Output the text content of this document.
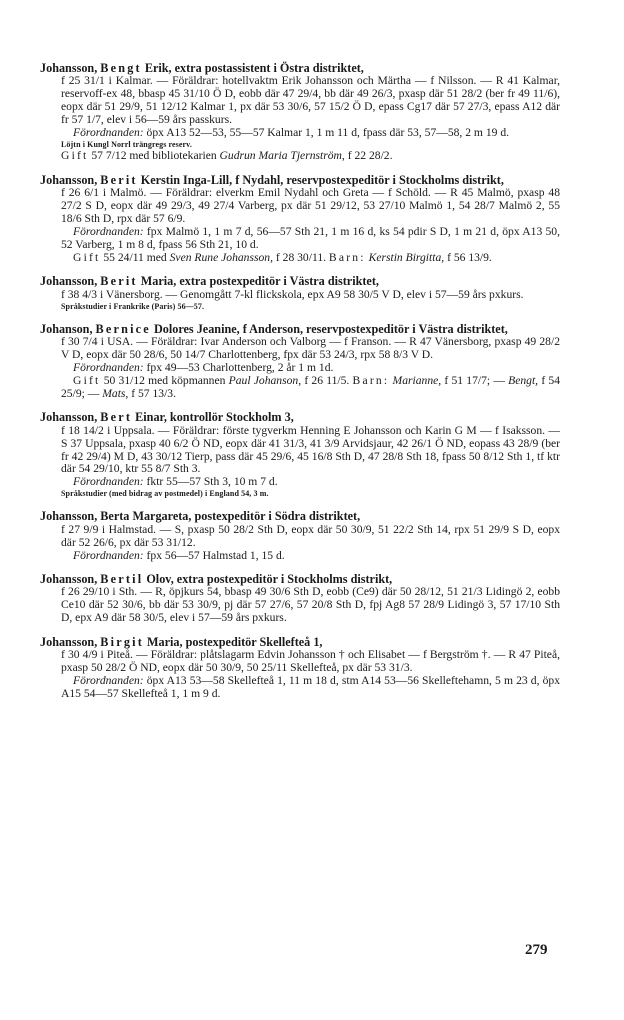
Johansson, Bengt Erik, extra postassistent i Östra distriktet,
f 25 31/1 i Kalmar. — Föräldrar: hotellvaktm Erik Johansson och Märtha — f Nilsson. — R 41 Kalmar, reservoff-ex 48, bbasp 45 31/10 Ö D, eobb där 47 29/4, bb där 49 26/3, pxasp där 51 28/2 (ber fr 49 11/6), eopx där 51 29/9, 51 12/12 Kalmar 1, px där 53 30/6, 57 15/2 Ö D, epass Cg17 där 57 27/3, epass A12 där fr 57 1/7, elev i 56—59 års passkurs.
Förordnanden: öpx A13 52—53, 55—57 Kalmar 1, 1 m 11 d, fpass där 53, 57—58, 2 m 19 d.
Löjtn i Kungl Norrl trängregs reserv.
Gift 57 7/12 med bibliotekarien Gudrun Maria Tjernström, f 22 28/2.
Johansson, Berit Kerstin Inga-Lill, f Nydahl, reservpostexpeditör i Stockholms distrikt,
f 26 6/1 i Malmö. — Föräldrar: elverkm Emil Nydahl och Greta — f Schöld. — R 45 Malmö, pxasp 48 27/2 S D, eopx där 49 29/3, 49 27/4 Varberg, px där 51 29/12, 53 27/10 Malmö 1, 54 28/7 Malmö 2, 55 18/6 Sth D, rpx där 57 6/9.
Förordnanden: fpx Malmö 1, 1 m 7 d, 56—57 Sth 21, 1 m 16 d, ks 54 pdir S D, 1 m 21 d, öpx A13 50, 52 Varberg, 1 m 8 d, fpass 56 Sth 21, 10 d.
Gift 55 24/11 med Sven Rune Johansson, f 28 30/11. Barn: Kerstin Birgitta, f 56 13/9.
Johansson, Berit Maria, extra postexpeditör i Västra distriktet,
f 38 4/3 i Vänersborg. — Genomgått 7-kl flickskola, epx A9 58 30/5 V D, elev i 57—59 års pxkurs.
Språkstudier i Frankrike (Paris) 56—57.
Johanson, Bernice Dolores Jeanine, f Anderson, reservpostexpeditör i Västra distriktet,
f 30 7/4 i USA. — Föräldrar: Ivar Anderson och Valborg — f Franson. — R 47 Vänersborg, pxasp 49 28/2 V D, eopx där 50 28/6, 50 14/7 Charlottenberg, fpx där 53 24/3, rpx 58 8/3 V D.
Förordnanden: fpx 49—53 Charlottenberg, 2 år 1 m 1d.
Gift 50 31/12 med köpmannen Paul Johanson, f 26 11/5. Barn: Marianne, f 51 17/7; — Bengt, f 54 25/9; — Mats, f 57 13/3.
Johansson, Bert Einar, kontrollör Stockholm 3,
f 18 14/2 i Uppsala. — Föräldrar: förste tygverkm Henning E Johansson och Karin G M — f Isaksson. — S 37 Uppsala, pxasp 40 6/2 Ö ND, eopx där 41 31/3, 41 3/9 Arvidsjaur, 42 26/1 Ö ND, eopass 43 28/9 (ber fr 42 29/4) M D, 43 30/12 Tierp, pass där 45 29/6, 45 16/8 Sth D, 47 28/8 Sth 18, fpass 50 8/12 Sth 1, tf ktr där 54 29/10, ktr 55 8/7 Sth 3.
Förordnanden: fktr 55—57 Sth 3, 10 m 7 d.
Språkstudier (med bidrag av postmedel) i England 54, 3 m.
Johansson, Berta Margareta, postexpeditör i Södra distriktet,
f 27 9/9 i Halmstad. — S, pxasp 50 28/2 Sth D, eopx där 50 30/9, 51 22/2 Sth 14, rpx 51 29/9 S D, eopx där 52 26/6, px där 53 31/12.
Förordnanden: fpx 56—57 Halmstad 1, 15 d.
Johansson, Bertil Olov, extra postexpeditör i Stockholms distrikt,
f 26 29/10 i Sth. — R, öpjkurs 54, bbasp 49 30/6 Sth D, eobb (Ce9) där 50 28/12, 51 21/3 Lidingö 2, eobb Ce10 där 52 30/6, bb där 53 30/9, pj där 57 27/6, 57 20/8 Sth D, fpj Ag8 57 28/9 Lidingö 3, 57 17/10 Sth D, epx A9 där 58 30/5, elev i 57—59 års pxkurs.
Johansson, Birgit Maria, postexpeditör Skellefteå 1,
f 30 4/9 i Piteå. — Föräldrar: plåtslagarm Edvin Johansson † och Elisabet — f Bergström †. — R 47 Piteå, pxasp 50 28/2 Ö ND, eopx där 50 30/9, 50 25/11 Skellefteå, px där 53 31/3.
Förordnanden: öpx A13 53—58 Skellefteå 1, 11 m 18 d, stm A14 53—56 Skelleftehamn, 5 m 23 d, öpx A15 54—57 Skellefteå 1, 1 m 9 d.
279
